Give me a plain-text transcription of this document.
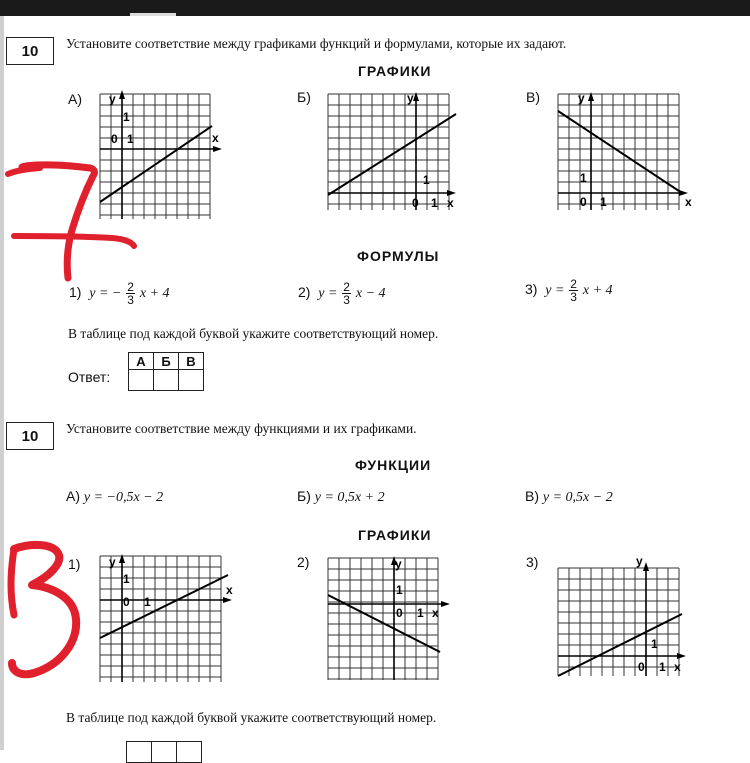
10	Установите соответствие между графиками функций и формулами, которые их задают.
ГРАФИКИ
А)	Б)	В)
y
1
0 1	x
y
1
0 1 x
y
1
0 1	x
ФОРМУЛЫ
1) y = − $\frac{2}{3}$ x + 4	2) $y = \frac{2}{3}$ x − 4	3) $y = \frac{2}{3}$ x + 4
В таблице под каждой буквой укажите соответствующий номер.
Ответ:
А	Б	В

10	Установите соответствие между функциями и их графиками.
ФУНКЦИИ
А) y = −0,5x − 2	Б) y = 0,5x + 2	В) y = 0,5x − 2
ГРАФИКИ
1)	2)	3)
y
1
0 1
x
y
1
0 1 x
y
1
0 1 x
В таблице под каждой буквой укажите соответствующий номер.
